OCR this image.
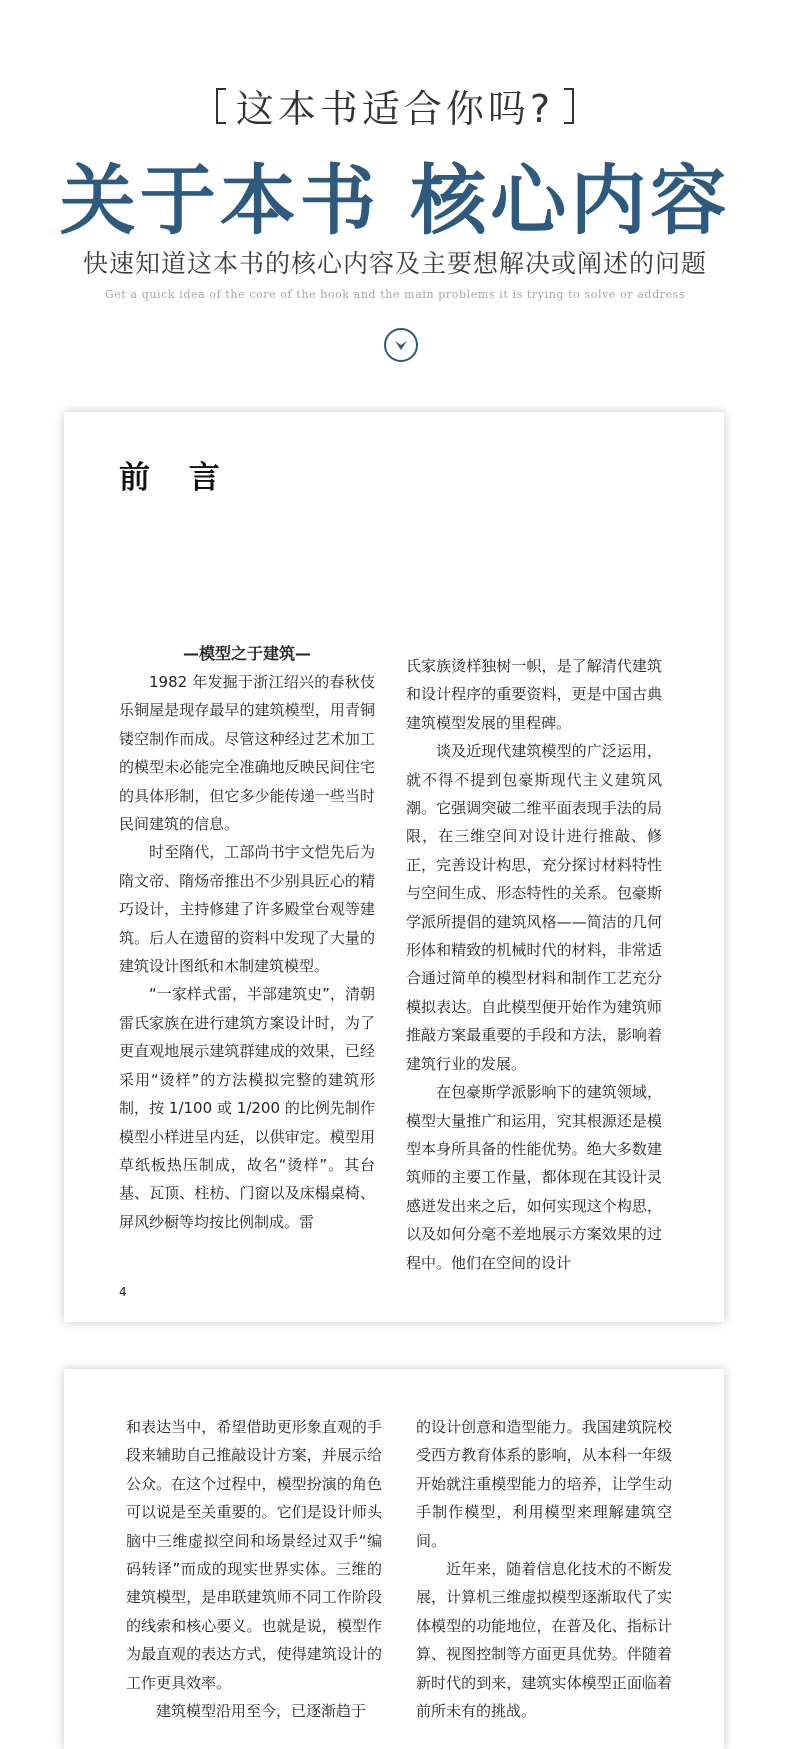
这本书适合你吗?
关于本书 核心内容
快速知道这本书的核心内容及主要想解决或阐述的问题
Get a quick idea of the core of the book and the main problems it is trying to solve or address
前 言

—模型之于建筑—

1982 年发掘于浙江绍兴的春秋伎乐铜屋是现存最早的建筑模型，用青铜镂空制作而成。尽管这种经过艺术加工的模型未必能完全准确地反映民间住宅的具体形制，但它多少能传递一些当时民间建筑的信息。

时至隋代，工部尚书宇文恺先后为隋文帝、隋炀帝推出不少别具匠心的精巧设计，主持修建了许多殿堂台观等建筑。后人在遗留的资料中发现了大量的建筑设计图纸和木制建筑模型。

“一家样式雷，半部建筑史”，清朝雷氏家族在进行建筑方案设计时，为了更直观地展示建筑群建成的效果，已经采用“烫样”的方法模拟完整的建筑形制，按 1/100 或 1/200 的比例先制作模型小样进呈内廷，以供审定。模型用草纸板热压制成，故名“烫样”。其台基、瓦顶、柱枋、门窗以及床榻桌椅、屏风纱橱等均按比例制成。雷

氏家族烫样独树一帜，是了解清代建筑和设计程序的重要资料，更是中国古典建筑模型发展的里程碑。

谈及近现代建筑模型的广泛运用，就不得不提到包豪斯现代主义建筑风潮。它强调突破二维平面表现手法的局限，在三维空间对设计进行推敲、修正，完善设计构思，充分探讨材料特性与空间生成、形态特性的关系。包豪斯学派所提倡的建筑风格——简洁的几何形体和精致的机械时代的材料，非常适合通过简单的模型材料和制作工艺充分模拟表达。自此模型便开始作为建筑师推敲方案最重要的手段和方法，影响着建筑行业的发展。

在包豪斯学派影响下的建筑领域，模型大量推广和运用，究其根源还是模型本身所具备的性能优势。绝大多数建筑师的主要工作量，都体现在其设计灵感迸发出来之后，如何实现这个构思，以及如何分毫不差地展示方案效果的过程中。他们在空间的设计

4

和表达当中，希望借助更形象直观的手段来辅助自己推敲设计方案，并展示给公众。在这个过程中，模型扮演的角色可以说是至关重要的。它们是设计师头脑中三维虚拟空间和场景经过双手“编码转译”而成的现实世界实体。三维的建筑模型，是串联建筑师不同工作阶段的线索和核心要义。也就是说，模型作为最直观的表达方式，使得建筑设计的工作更具效率。

建筑模型沿用至今，已逐渐趋于

的设计创意和造型能力。我国建筑院校受西方教育体系的影响，从本科一年级开始就注重模型能力的培养，让学生动手制作模型，利用模型来理解建筑空间。

近年来，随着信息化技术的不断发展，计算机三维虚拟模型逐渐取代了实体模型的功能地位，在普及化、指标计算、视图控制等方面更具优势。伴随着新时代的到来，建筑实体模型正面临着前所未有的挑战。
